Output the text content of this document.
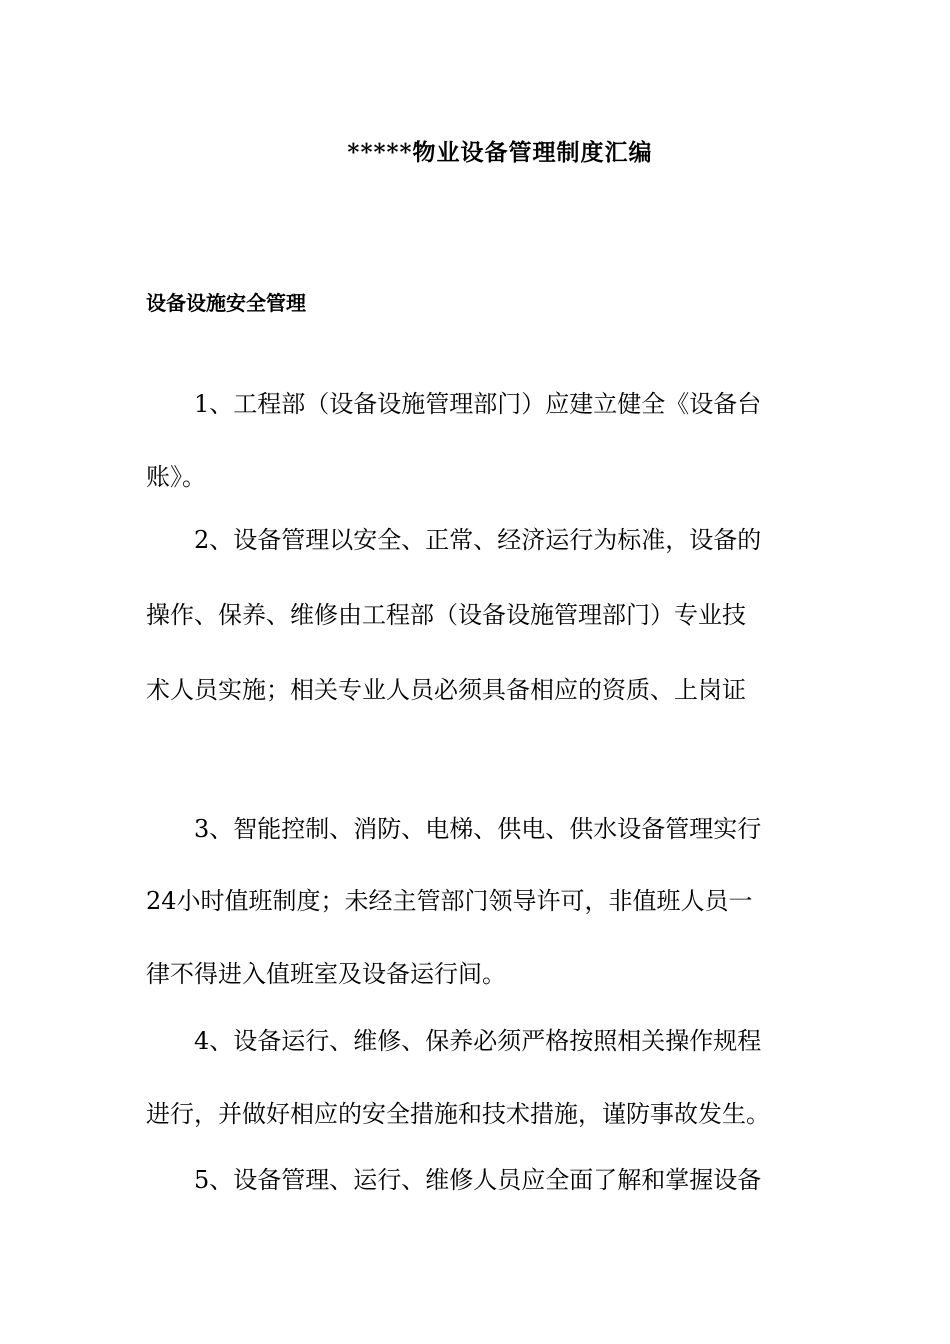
*****物业设备管理制度汇编
设备设施安全管理
1、工程部（设备设施管理部门）应建立健全《设备台
账》。
2、设备管理以安全、正常、经济运行为标准，设备的
操作、保养、维修由工程部（设备设施管理部门）专业技
术人员实施；相关专业人员必须具备相应的资质、上岗证
3、智能控制、消防、电梯、供电、供水设备管理实行
24小时值班制度；未经主管部门领导许可，非值班人员一
律不得进入值班室及设备运行间。
4、设备运行、维修、保养必须严格按照相关操作规程
进行，并做好相应的安全措施和技术措施，谨防事故发生。
5、设备管理、运行、维修人员应全面了解和掌握设备
